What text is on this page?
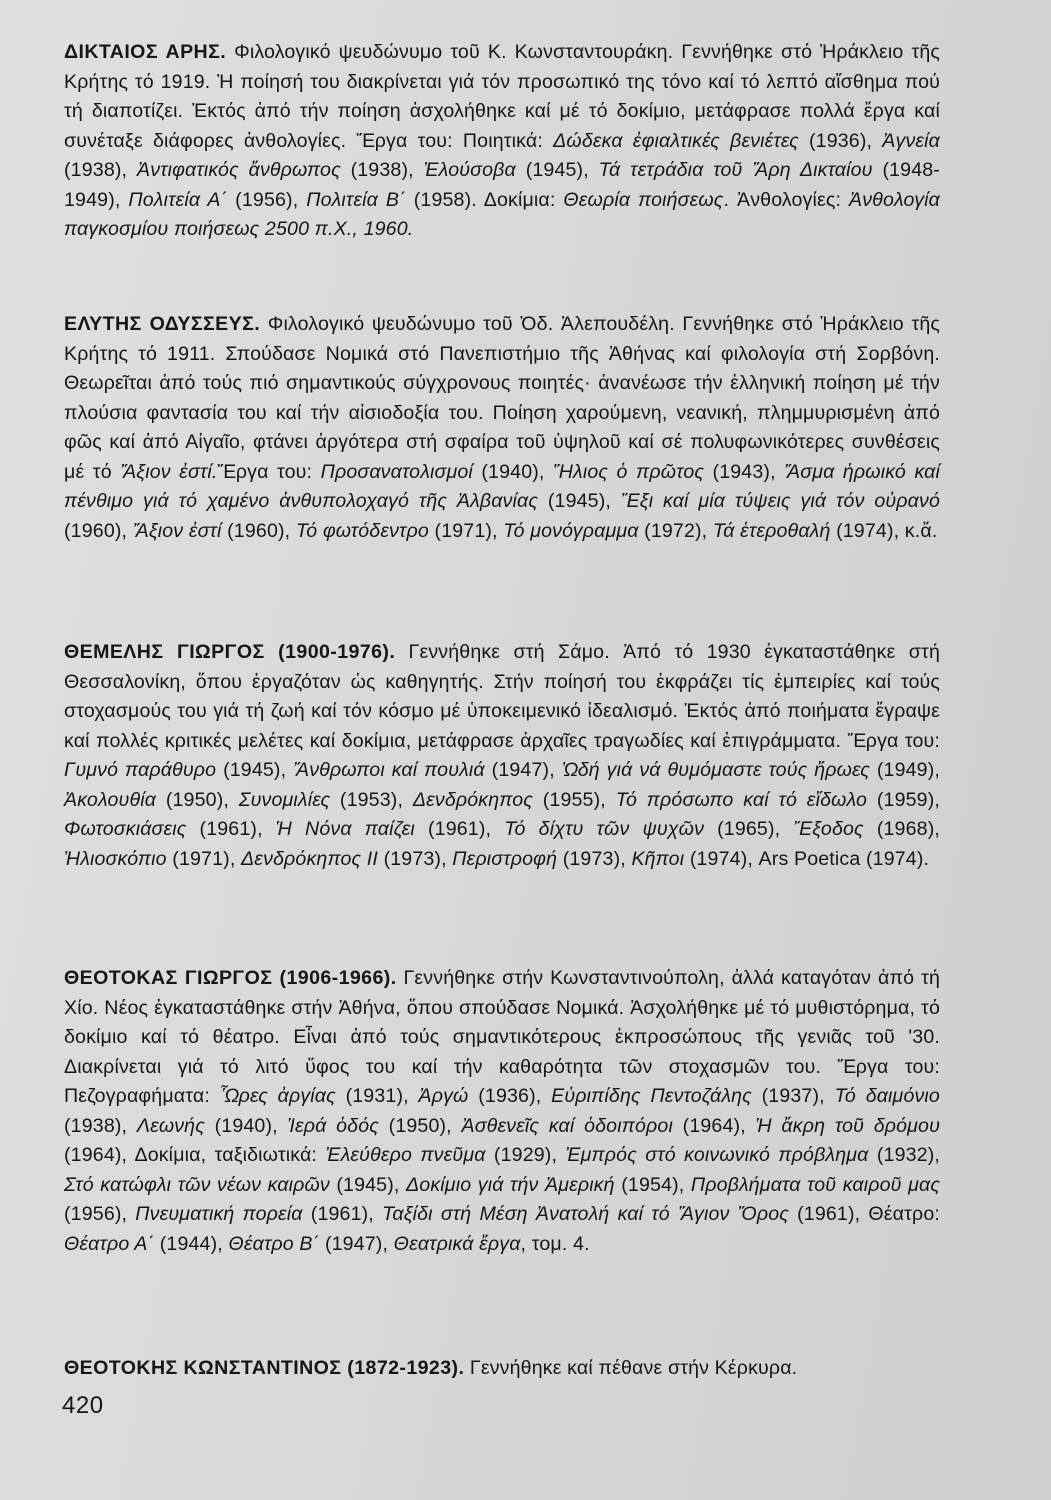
ΔΙΚΤΑΙΟΣ ΑΡΗΣ. Φιλολογικό ψευδώνυμο τοῦ Κ. Κωνσταντουράκη. Γεννήθηκε στό Ἡράκλειο τῆς Κρήτης τό 1919. Ἡ ποίησή του διακρίνεται γιά τόν προσωπικό της τόνο καί τό λεπτό αἴσθημα πού τή διαποτίζει. Ἐκτός ἀπό τήν ποίηση ἀσχολήθηκε καί μέ τό δοκίμιο, μετάφρασε πολλά ἔργα καί συνέταξε διάφορες ἀνθολογίες. Ἔργα του: Ποιητικά: Δώδεκα ἐφιαλτικές βενιέτες (1936), Ἀγνεία (1938), Ἀντιφατικός ἄνθρωπος (1938), Ἐλούσοβα (1945), Τά τετράδια τοῦ Ἄρη Δικταίου (1948-1949), Πολιτεία Α΄ (1956), Πολιτεία Β΄ (1958). Δοκίμια: Θεωρία ποιήσεως. Ἀνθολογίες: Ἀνθολογία παγκοσμίου ποιήσεως 2500 π.Χ., 1960.
ΕΛΥΤΗΣ ΟΔΥΣΣΕΥΣ. Φιλολογικό ψευδώνυμο τοῦ Ὀδ. Ἀλεπουδέλη. Γεννήθηκε στό Ἡράκλειο τῆς Κρήτης τό 1911. Σπούδασε Νομικά στό Πανεπιστήμιο τῆς Ἀθήνας καί φιλολογία στή Σορβόνη. Θεωρεῖται ἀπό τούς πιό σημαντικούς σύγχρονους ποιητές· ἀνανέωσε τήν ἑλληνική ποίηση μέ τήν πλούσια φαντασία του καί τήν αἰσιοδοξία του. Ποίηση χαρούμενη, νεανική, πλημμυρισμένη ἀπό φῶς καί ἀπό Αἰγαῖο, φτάνει ἀργότερα στή σφαίρα τοῦ ὑψηλοῦ καί σέ πολυφωνικότερες συνθέσεις μέ τό Ἄξιον ἐστί.Ἔργα του: Προσανατολισμοί (1940), Ἥλιος ὁ πρῶτος (1943), Ἄσμα ἡρωικό καί πένθιμο γιά τό χαμένο ἀνθυπολοχαγό τῆς Ἀλβανίας (1945), Ἔξι καί μία τύψεις γιά τόν οὐρανό (1960), Ἄξιον ἐστί (1960), Τό φωτόδεντρο (1971), Τό μονόγραμμα (1972), Τά ἑτεροθαλή (1974), κ.ἄ.
ΘΕΜΕΛΗΣ ΓΙΩΡΓΟΣ (1900-1976). Γεννήθηκε στή Σάμο. Ἀπό τό 1930 ἐγκαταστάθηκε στή Θεσσαλονίκη, ὅπου ἐργαζόταν ὡς καθηγητής. Στήν ποίησή του ἐκφράζει τίς ἐμπειρίες καί τούς στοχασμούς του γιά τή ζωή καί τόν κόσμο μέ ὑποκειμενικό ἰδεαλισμό. Ἐκτός ἀπό ποιήματα ἔγραψε καί πολλές κριτικές μελέτες καί δοκίμια, μετάφρασε ἀρχαῖες τραγωδίες καί ἐπιγράμματα. Ἔργα του: Γυμνό παράθυρο (1945), Ἄνθρωποι καί πουλιά (1947), Ὠδή γιά νά θυμόμαστε τούς ἥρωες (1949), Ἀκολουθία (1950), Συνομιλίες (1953), Δενδρόκηπος (1955), Τό πρόσωπο καί τό εἴδωλο (1959), Φωτοσκιάσεις (1961), Ἡ Νόνα παίζει (1961), Τό δίχτυ τῶν ψυχῶν (1965), Ἔξοδος (1968), Ἡλιοσκόπιο (1971), Δενδρόκηπος ΙΙ (1973), Περιστροφή (1973), Κῆποι (1974), Ars Poetica (1974).
ΘΕΟΤΟΚΑΣ ΓΙΩΡΓΟΣ (1906-1966). Γεννήθηκε στήν Κωνσταντινούπολη, ἀλλά καταγόταν ἀπό τή Χίο. Νέος ἐγκαταστάθηκε στήν Ἀθήνα, ὅπου σπούδασε Νομικά. Ἀσχολήθηκε μέ τό μυθιστόρημα, τό δοκίμιο καί τό θέατρο. Εἶναι ἀπό τούς σημαντικότερους ἐκπροσώπους τῆς γενιᾶς τοῦ '30. Διακρίνεται γιά τό λιτό ὕφος του καί τήν καθαρότητα τῶν στοχασμῶν του. Ἔργα του: Πεζογραφήματα: Ὧρες ἀργίας (1931), Ἀργώ (1936), Εὐριπίδης Πεντοζάλης (1937), Τό δαιμόνιο (1938), Λεωνής (1940), Ἱερά ὁδός (1950), Ἀσθενεῖς καί ὁδοιπόροι (1964), Ἡ ἄκρη τοῦ δρόμου (1964), Δοκίμια, ταξιδιωτικά: Ἐλεύθερο πνεῦμα (1929), Ἐμπρός στό κοινωνικό πρόβλημα (1932), Στό κατώφλι τῶν νέων καιρῶν (1945), Δοκίμιο γιά τήν Ἀμερική (1954), Προβλήματα τοῦ καιροῦ μας (1956), Πνευματική πορεία (1961), Ταξίδι στή Μέση Ἀνατολή καί τό Ἅγιον Ὄρος (1961), Θέατρο: Θέατρο Α΄ (1944), Θέατρο Β΄ (1947), Θεατρικά ἔργα, τομ. 4.
ΘΕΟΤΟΚΗΣ ΚΩΝΣΤΑΝΤΙΝΟΣ (1872-1923). Γεννήθηκε καί πέθανε στήν Κέρκυρα.
420
